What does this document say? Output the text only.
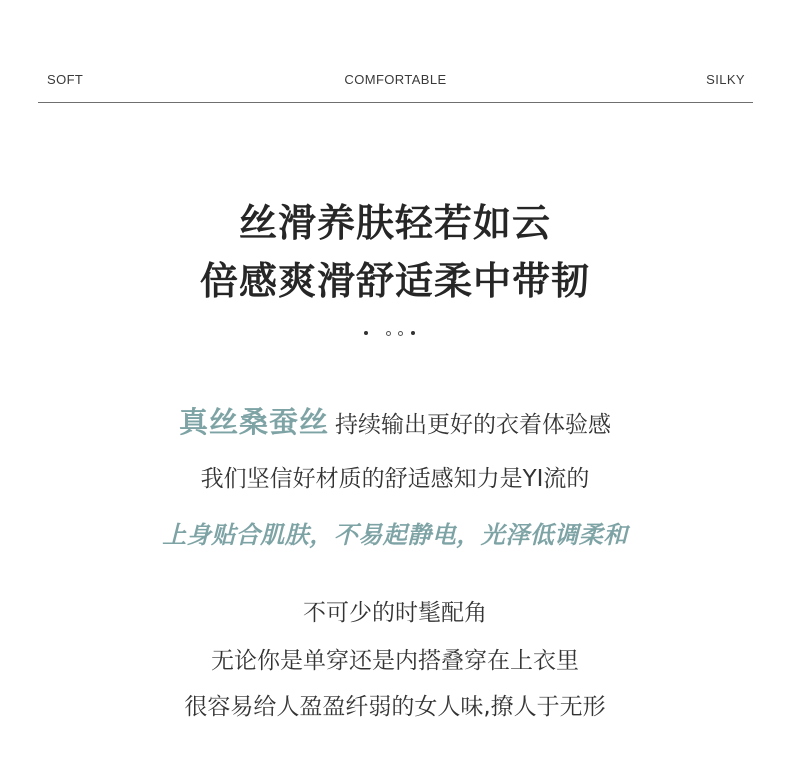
SOFT	COMFORTABLE	SILKY
丝滑养肤轻若如云
倍感爽滑舒适柔中带韧
真丝桑蚕丝 持续输出更好的衣着体验感
我们坚信好材质的舒适感知力是YI流的
上身贴合肌肤，不易起静电，光泽低调柔和
不可少的时髦配角
无论你是单穿还是内搭叠穿在上衣里
很容易给人盈盈纤弱的女人味,撩人于无形
